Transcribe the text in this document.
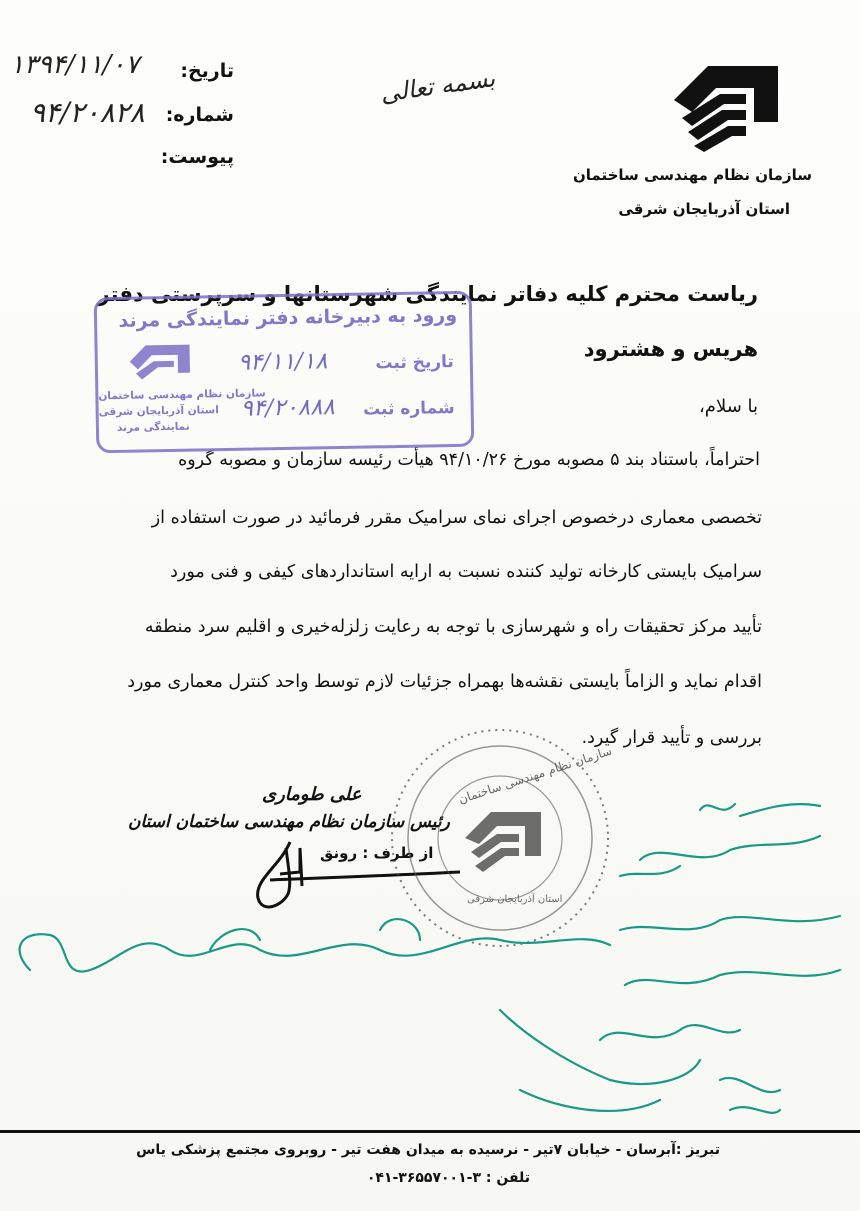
تاریخ:
۱۳۹۴/۱۱/۰۷
شماره:
۹۴/۲۰۸۲۸
پیوست:
بسمه تعالی
سازمان نظام مهندسی ساختمان
استان آذربایجان شرقی
ریاست محترم کلیه دفاتر نمایندگی شهرستانها و سرپرستی دفتر
هریس و هشترود
با سلام،
احتراماً، باستناد بند ۵ مصوبه مورخ ۹۴/۱۰/۲۶ هیأت رئیسه سازمان و مصوبه گروه
تخصصی معماری درخصوص اجرای نمای سرامیک مقرر فرمائید در صورت استفاده از
سرامیک بایستی کارخانه تولید کننده نسبت به ارایه استانداردهای کیفی و فنی مورد
تأیید مرکز تحقیقات راه و شهرسازی با توجه به رعایت زلزله‌خیری و اقلیم سرد منطقه
اقدام نماید و الزاماً بایستی نقشه‌ها بهمراه جزئیات لازم توسط واحد کنترل معماری مورد
بررسی و تأیید قرار گیرد.
علی طوماری
رئیس سازمان نظام مهندسی ساختمان استان
از طرف : رونق
ورود به دبیرخانه دفتر نمایندگی مرند
تاریخ ثبت
۹۴/۱۱/۱۸
شماره ثبت
۹۴/۲۰۸۸۸
سازمان نظام مهندسی ساختمان
استان آذربایجان شرقی
نمایندگی مرند
سازمان نظام مهندسی ساختمان
استان آذربایجان شرقی
تبریز :آبرسان - خیابان ۷تیر - نرسیده به میدان هفت تیر - روبروی مجتمع پزشکی یاس
تلفن : ۳-۳۶۵۵۷۰۰۱-۰۴۱
